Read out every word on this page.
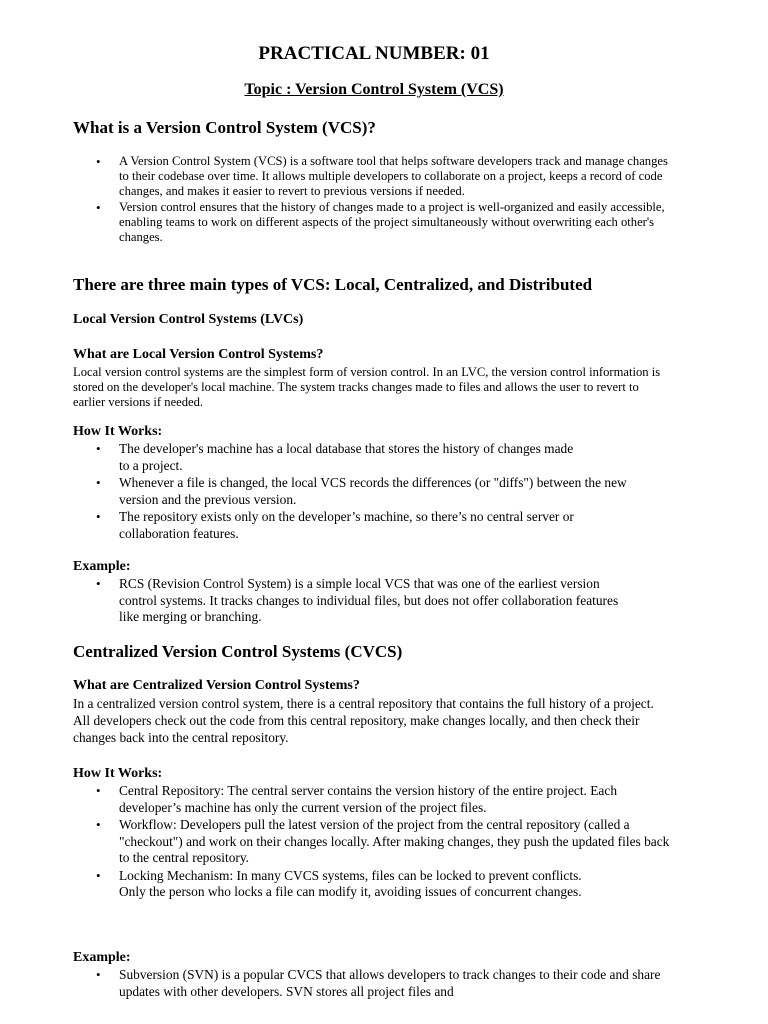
PRACTICAL NUMBER: 01
Topic : Version Control System (VCS)
What is a Version Control System (VCS)?
• A Version Control System (VCS) is a software tool that helps software developers track and manage changes to their codebase over time. It allows multiple developers to collaborate on a project, keeps a record of code changes, and makes it easier to revert to previous versions if needed.
• Version control ensures that the history of changes made to a project is well-organized and easily accessible, enabling teams to work on different aspects of the project simultaneously without overwriting each other's changes.
There are three main types of VCS: Local, Centralized, and Distributed
Local Version Control Systems (LVCs)
What are Local Version Control Systems?
Local version control systems are the simplest form of version control. In an LVC, the version control information is stored on the developer's local machine. The system tracks changes made to files and allows the user to revert to earlier versions if needed.
How It Works:
• The developer's machine has a local database that stores the history of changes made to a project.
• Whenever a file is changed, the local VCS records the differences (or "diffs") between the new version and the previous version.
• The repository exists only on the developer’s machine, so there’s no central server or collaboration features.
Example:
• RCS (Revision Control System) is a simple local VCS that was one of the earliest version control systems. It tracks changes to individual files, but does not offer collaboration features like merging or branching.
Centralized Version Control Systems (CVCS)
What are Centralized Version Control Systems?
In a centralized version control system, there is a central repository that contains the full history of a project. All developers check out the code from this central repository, make changes locally, and then check their changes back into the central repository.
How It Works:
• Central Repository: The central server contains the version history of the entire project. Each developer’s machine has only the current version of the project files.
• Workflow: Developers pull the latest version of the project from the central repository (called a "checkout") and work on their changes locally. After making changes, they push the updated files back to the central repository.
• Locking Mechanism: In many CVCS systems, files can be locked to prevent conflicts. Only the person who locks a file can modify it, avoiding issues of concurrent changes.
Example:
• Subversion (SVN) is a popular CVCS that allows developers to track changes to their code and share updates with other developers. SVN stores all project files and
